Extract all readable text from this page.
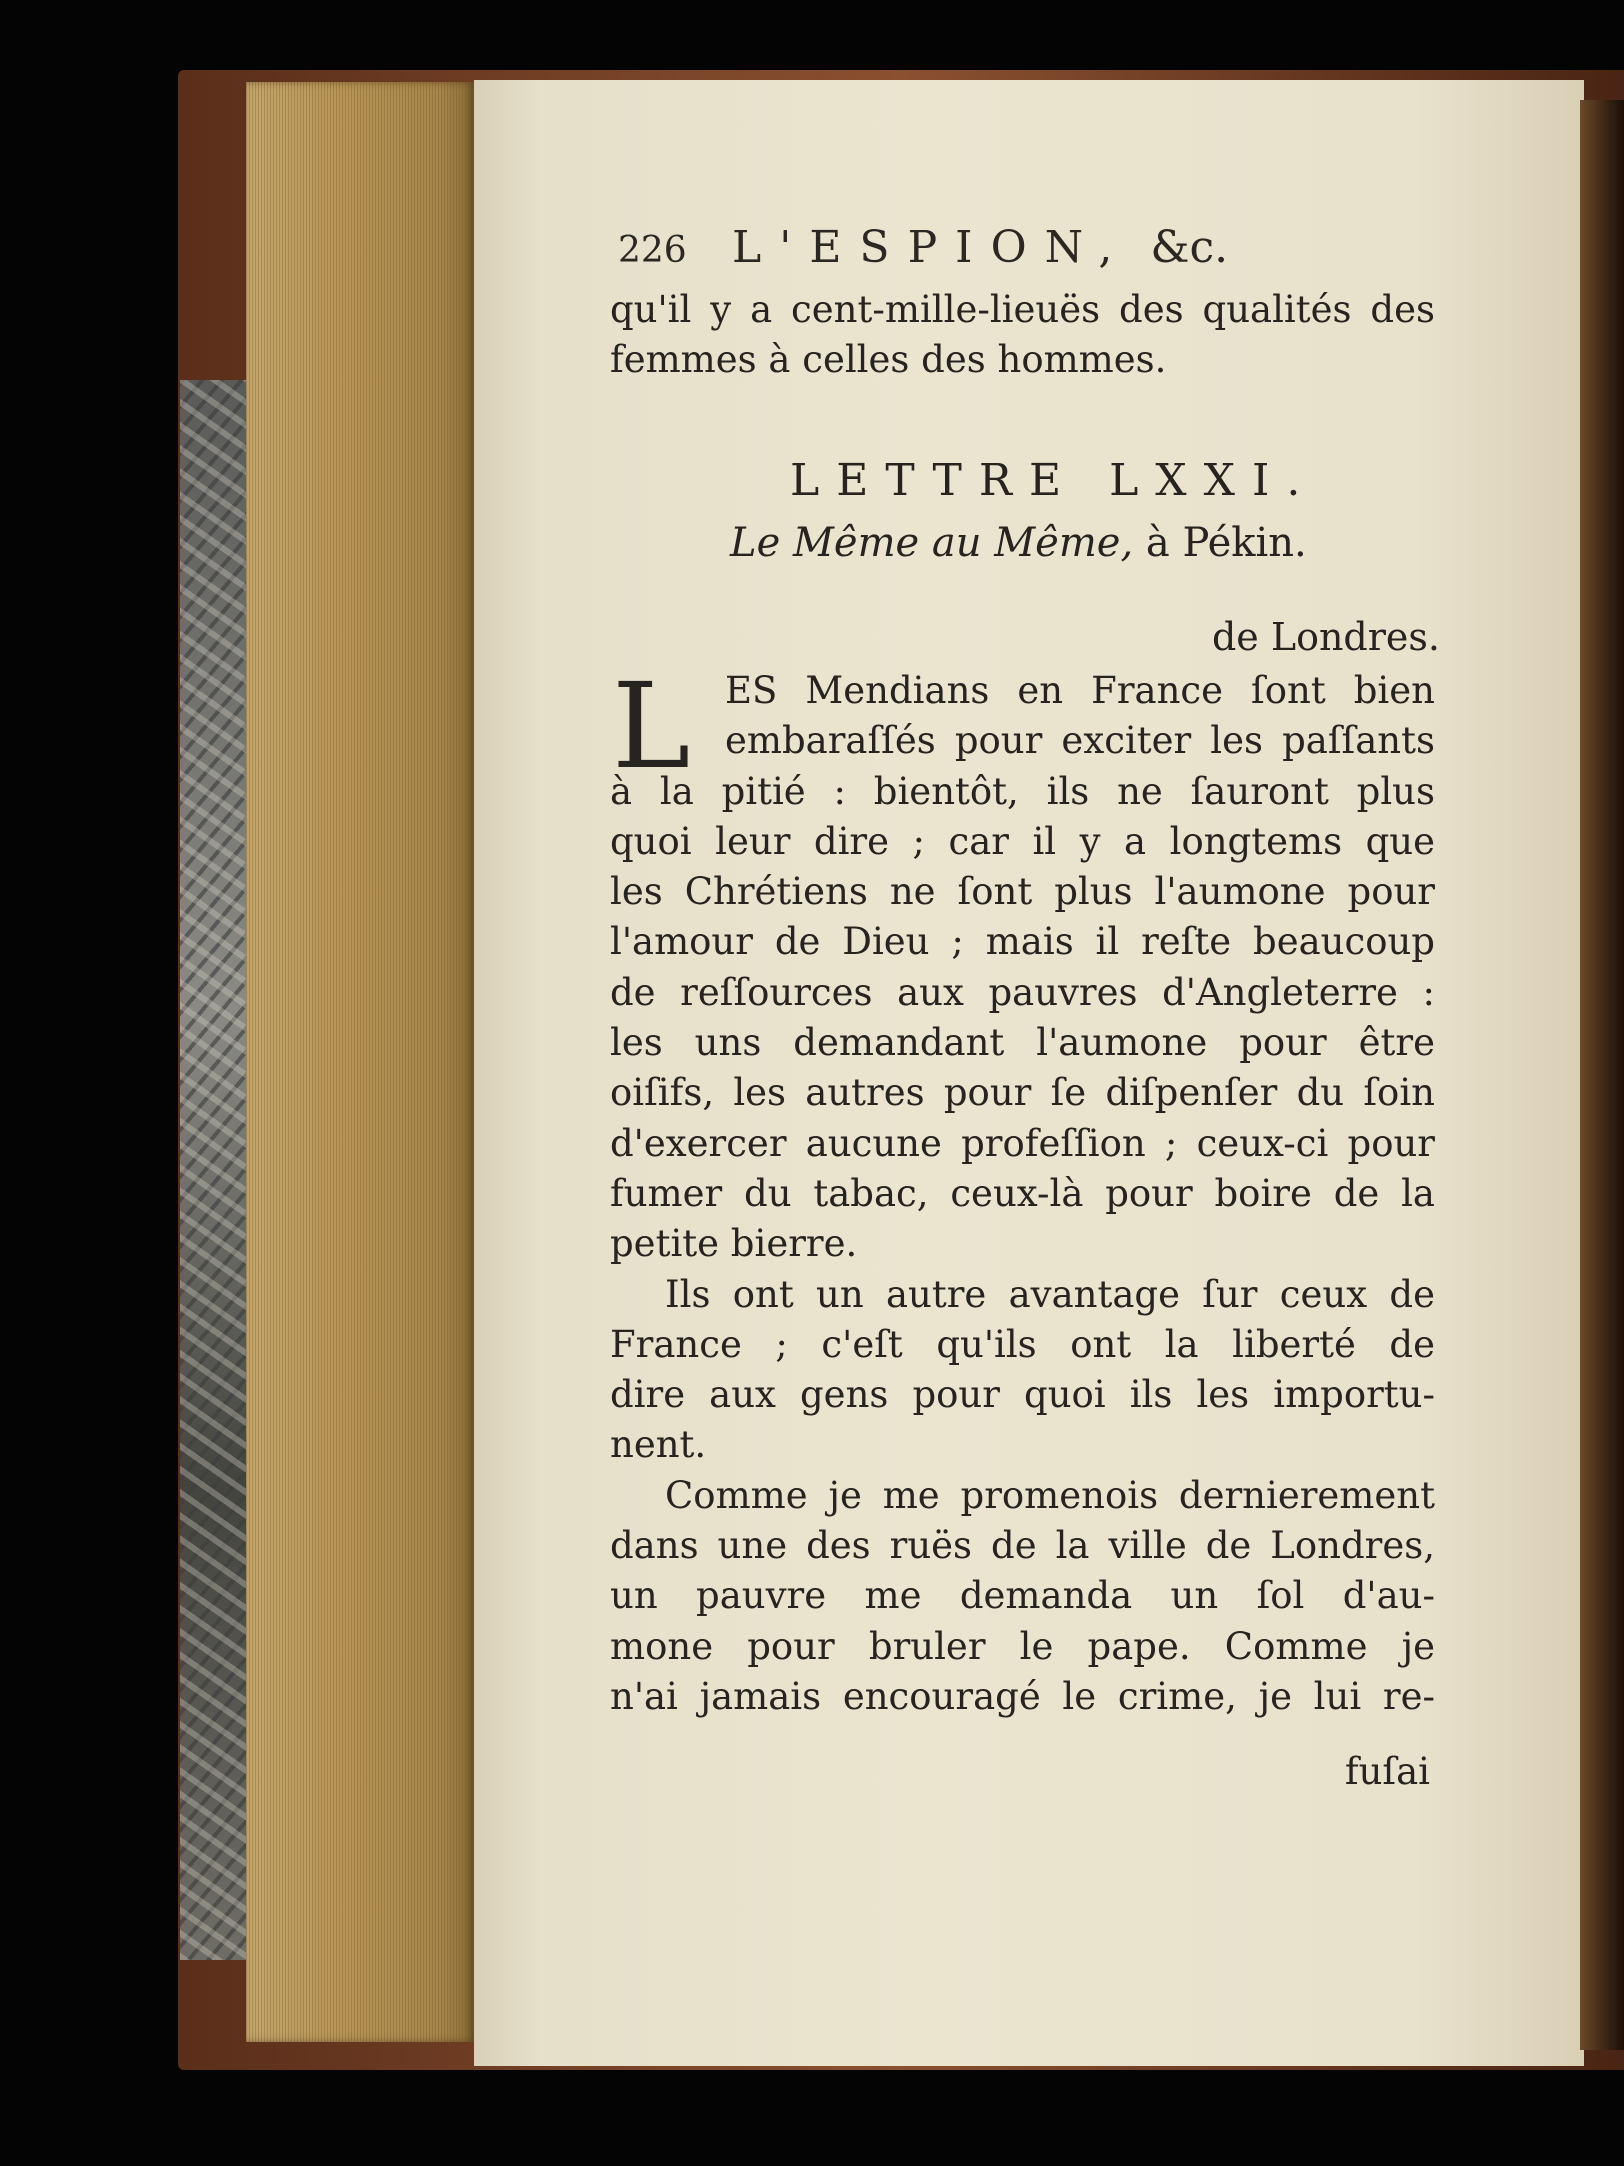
226 L'ESPION, &c.

qu'il y a cent-mille-lieuës des qualités des

femmes à celles des hommes.

LETTRE LXXI.
Le Même au Même, à Pékin.
de Londres.
L ES Mendians en France ſont bien

embaraſſés pour exciter les paſſants

à la pitié : bientôt, ils ne ſauront plus

quoi leur dire ; car il y a longtems que

les Chrétiens ne ſont plus l'aumone pour

l'amour de Dieu ; mais il reſte beaucoup

de reſſources aux pauvres d'Angleterre :

les uns demandant l'aumone pour être

oiſifs, les autres pour ſe diſpenſer du ſoin

d'exercer aucune profeſſion ; ceux-ci pour

fumer du tabac, ceux-là pour boire de la

petite bierre.

Ils ont un autre avantage ſur ceux de

France ; c'eſt qu'ils ont la liberté de

dire aux gens pour quoi ils les importu-

nent.

Comme je me promenois dernierement

dans une des ruës de la ville de Londres,

un pauvre me demanda un ſol d'au-

mone pour bruler le pape. Comme je

n'ai jamais encouragé le crime, je lui re-

fuſai
